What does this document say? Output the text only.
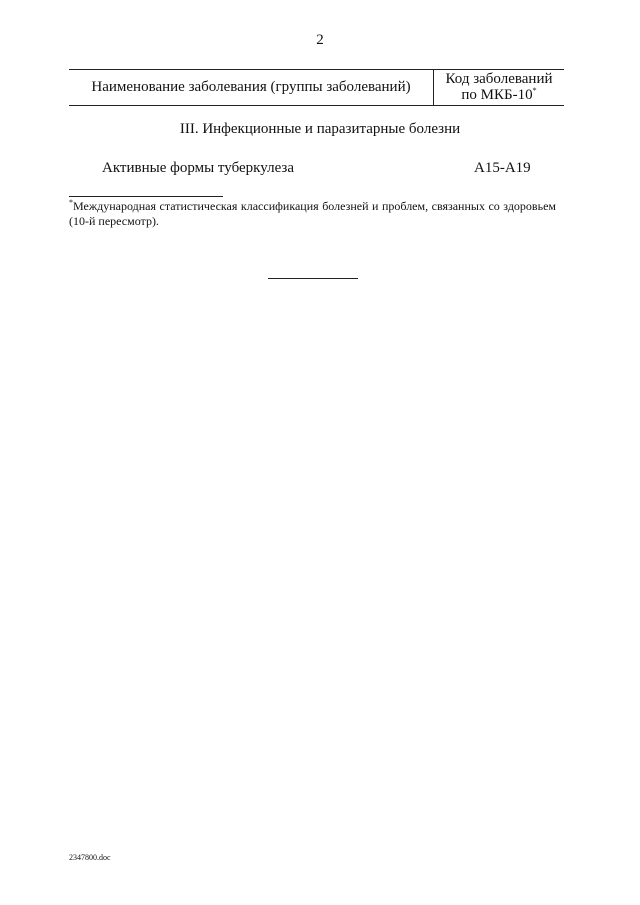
2
Наименование заболевания (группы заболеваний)	Код заболеваний
по МКБ-10*
III. Инфекционные и паразитарные болезни
Активные формы туберкулеза	A15-A19
*Международная статистическая классификация болезней и проблем, связанных со здоровьем (10-й пересмотр).
2347800.doc
